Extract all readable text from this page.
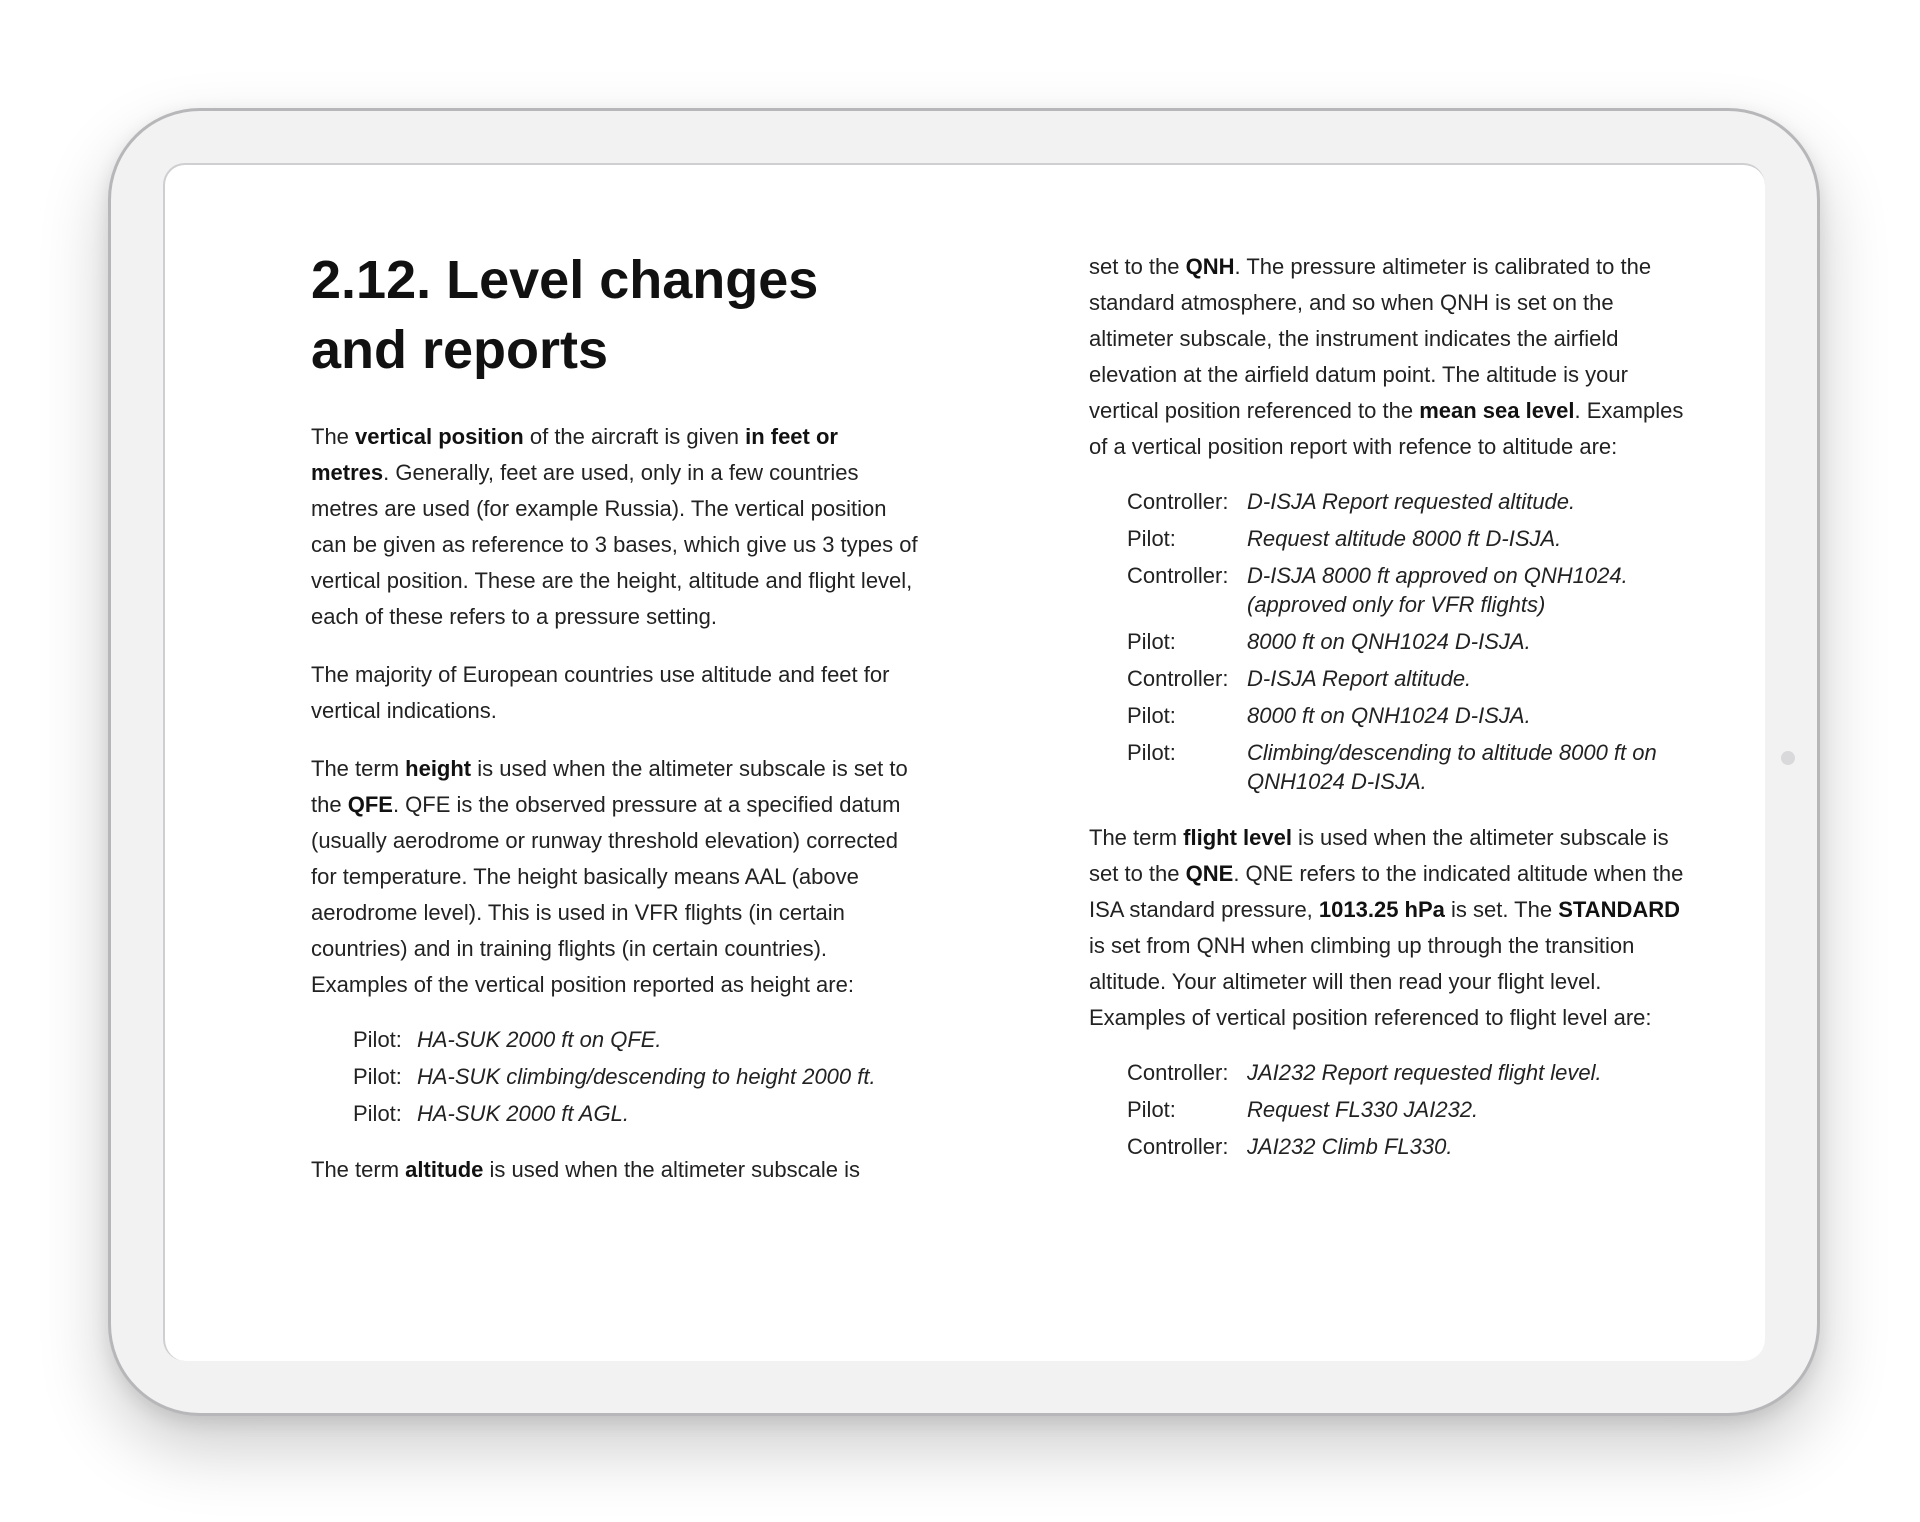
2.12. Level changes and reports

The vertical position of the aircraft is given in feet or metres. Generally, feet are used, only in a few countries metres are used (for example Russia). The vertical position can be given as reference to 3 bases, which give us 3 types of vertical position. These are the height, altitude and flight level, each of these refers to a pressure setting.

The majority of European countries use altitude and feet for vertical indications.

The term height is used when the altimeter subscale is set to the QFE. QFE is the observed pressure at a specified datum (usually aerodrome or runway threshold elevation) corrected for temperature. The height basically means AAL (above aerodrome level). This is used in VFR flights (in certain countries) and in training flights (in certain countries). Examples of the vertical position reported as height are:

Pilot: HA-SUK 2000 ft on QFE.
Pilot: HA-SUK climbing/descending to height 2000 ft.
Pilot: HA-SUK 2000 ft AGL.

The term altitude is used when the altimeter subscale is

set to the QNH. The pressure altimeter is calibrated to the standard atmosphere, and so when QNH is set on the altimeter subscale, the instrument indicates the airfield elevation at the airfield datum point. The altitude is your vertical position referenced to the mean sea level. Examples of a vertical position report with refence to altitude are:

Controller: D-ISJA Report requested altitude.
Pilot:	Request altitude 8000 ft D-ISJA.
Controller: D-ISJA 8000 ft approved on QNH1024. (approved only for VFR flights)
Pilot:	8000 ft on QNH1024 D-ISJA.
Controller: D-ISJA Report altitude.
Pilot:	8000 ft on QNH1024 D-ISJA.
Pilot:	Climbing/descending to altitude 8000 ft on QNH1024 D-ISJA.

The term flight level is used when the altimeter subscale is set to the QNE. QNE refers to the indicated altitude when the ISA standard pressure, 1013.25 hPa is set. The STANDARD is set from QNH when climbing up through the transition altitude. Your altimeter will then read your flight level. Examples of vertical position referenced to flight level are:

Controller: JAI232 Report requested flight level.
Pilot:	Request FL330 JAI232.
Controller: JAI232 Climb FL330.
